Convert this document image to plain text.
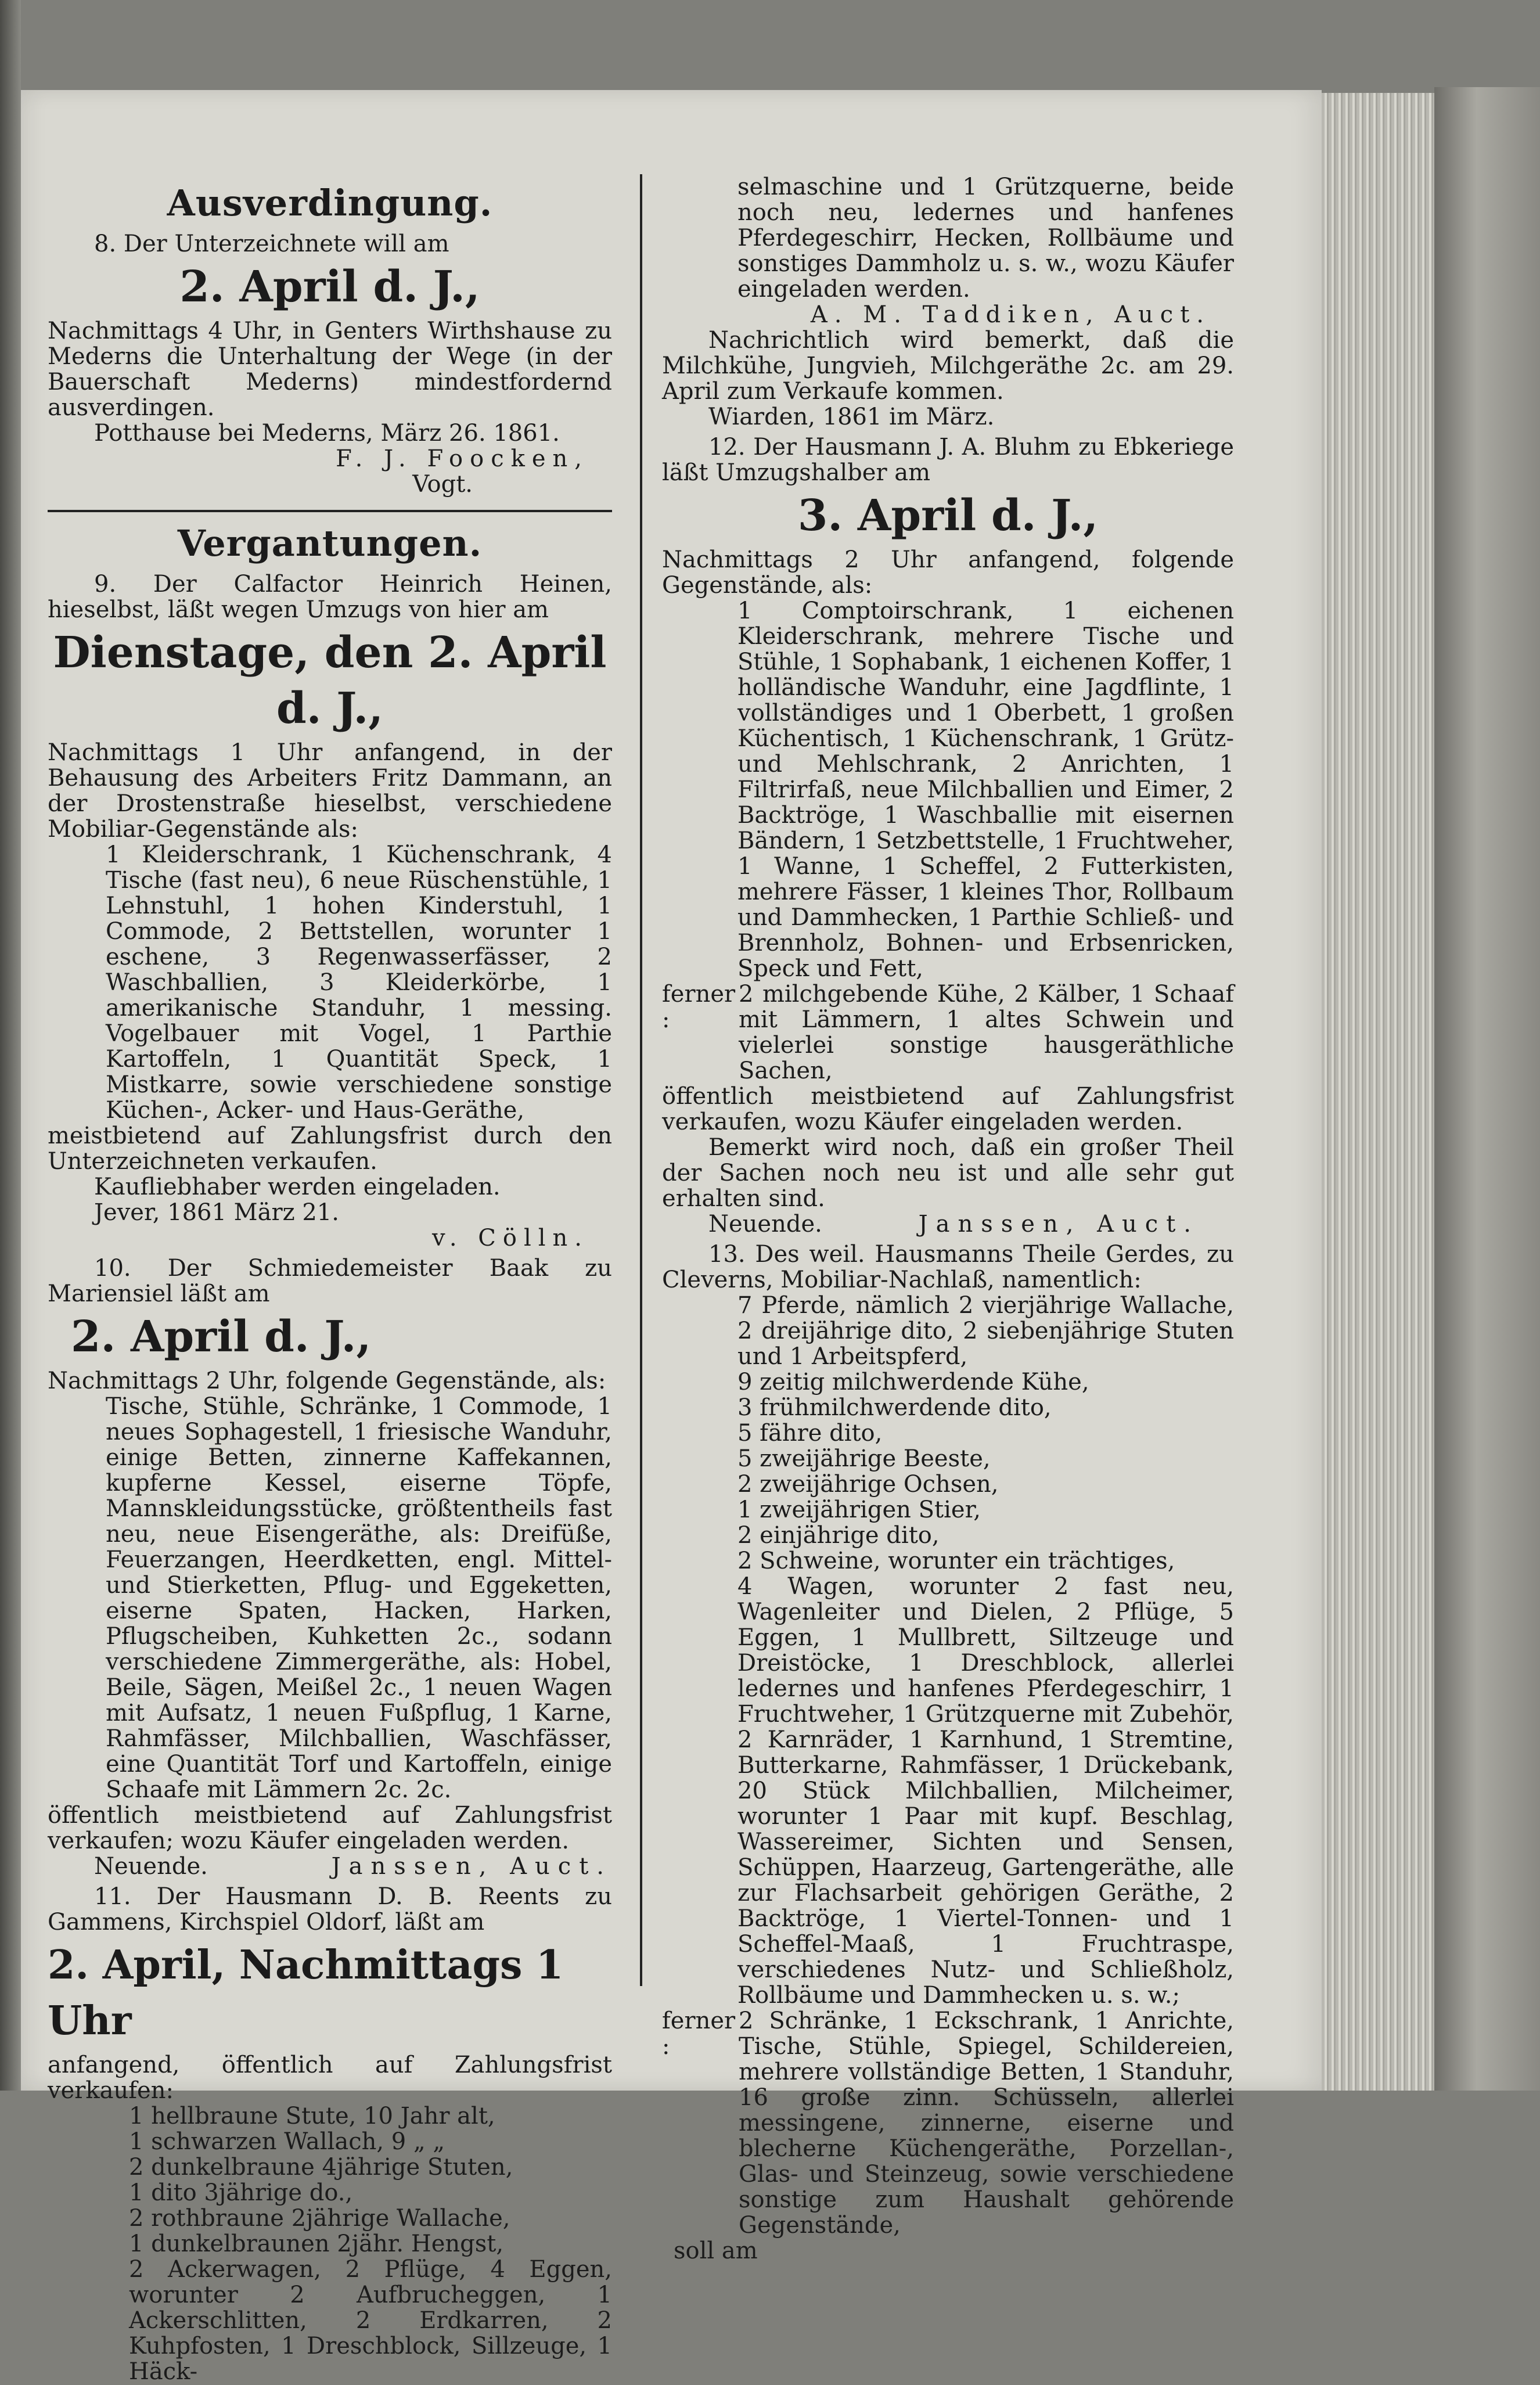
Ausverdingung.

8. Der Unterzeichnete will am

2. April d. J.,

Nachmittags 4 Uhr, in Genters Wirthshause zu Mederns die Unterhaltung der Wege (in der Bauerschaft Mederns) mindestfordernd ausverdingen.

Potthause bei Mederns, März 26. 1861.

F. J. Foocken,

Vogt.

Vergantungen.

9. Der Calfactor Heinrich Heinen, hieselbst, läßt wegen Umzugs von hier am

Dienstage, den 2. April d. J.,

Nachmittags 1 Uhr anfangend, in der Behausung des Arbeiters Fritz Dammann, an der Drostenstraße hieselbst, verschiedene Mobiliar-Gegenstände als:

1 Kleiderschrank, 1 Küchenschrank, 4 Tische (fast neu), 6 neue Rüschenstühle, 1 Lehnstuhl, 1 hohen Kinderstuhl, 1 Commode, 2 Bettstellen, worunter 1 eschene, 3 Regenwasserfässer, 2 Waschballien, 3 Kleiderkörbe, 1 amerikanische Standuhr, 1 messing. Vogelbauer mit Vogel, 1 Parthie Kartoffeln, 1 Quantität Speck, 1 Mistkarre, sowie verschiedene sonstige Küchen-, Acker- und Haus-Geräthe,

meistbietend auf Zahlungsfrist durch den Unterzeichneten verkaufen.

Kaufliebhaber werden eingeladen.

Jever, 1861 März 21.

v. Cölln.

10. Der Schmiedemeister Baak zu Mariensiel läßt am

2. April d. J.,

Nachmittags 2 Uhr, folgende Gegenstände, als:

Tische, Stühle, Schränke, 1 Commode, 1 neues Sophagestell, 1 friesische Wanduhr, einige Betten, zinnerne Kaffekannen, kupferne Kessel, eiserne Töpfe, Mannskleidungsstücke, größtentheils fast neu, neue Eisengeräthe, als: Dreifüße, Feuerzangen, Heerdketten, engl. Mittel- und Stierketten, Pflug- und Eggeketten, eiserne Spaten, Hacken, Harken, Pflugscheiben, Kuhketten 2c., sodann verschiedene Zimmergeräthe, als: Hobel, Beile, Sägen, Meißel 2c., 1 neuen Wagen mit Aufsatz, 1 neuen Fußpflug, 1 Karne, Rahmfässer, Milchballien, Waschfässer, eine Quantität Torf und Kartoffeln, einige Schaafe mit Lämmern 2c. 2c.

öffentlich meistbietend auf Zahlungsfrist verkaufen; wozu Käufer eingeladen werden.

Neuende.	Janssen, Auct.

11. Der Hausmann D. B. Reents zu Gammens, Kirchspiel Oldorf, läßt am

2. April, Nachmittags 1 Uhr

anfangend, öffentlich auf Zahlungsfrist verkaufen:

1 hellbraune Stute, 10 Jahr alt,
1 schwarzen Wallach, 9 „ „
2 dunkelbraune 4jährige Stuten,
1 dito 3jährige do.,
2 rothbraune 2jährige Wallache,
1 dunkelbraunen 2jähr. Hengst,
2 Ackerwagen, 2 Pflüge, 4 Eggen, worunter 2 Aufbrucheggen, 1 Ackerschlitten, 2 Erdkarren, 2 Kuhpfosten, 1 Dreschblock, Sillzeuge, 1 Häck-

selmaschine und 1 Grützquerne, beide noch neu, ledernes und hanfenes Pferdegeschirr, Hecken, Rollbäume und sonstiges Dammholz u. s. w., wozu Käufer eingeladen werden.

A. M. Taddiken, Auct.

Nachrichtlich wird bemerkt, daß die Milchkühe, Jungvieh, Milchgeräthe 2c. am 29. April zum Verkaufe kommen.

Wiarden, 1861 im März.

12. Der Hausmann J. A. Bluhm zu Ebkeriege läßt Umzugshalber am

3. April d. J.,

Nachmittags 2 Uhr anfangend, folgende Gegenstände, als:

1 Comptoirschrank, 1 eichenen Kleiderschrank, mehrere Tische und Stühle, 1 Sophabank, 1 eichenen Koffer, 1 holländische Wanduhr, eine Jagdflinte, 1 vollständiges und 1 Oberbett, 1 großen Küchentisch, 1 Küchenschrank, 1 Grütz- und Mehlschrank, 2 Anrichten, 1 Filtrirfaß, neue Milchballien und Eimer, 2 Backtröge, 1 Waschballie mit eisernen Bändern, 1 Setzbettstelle, 1 Fruchtweher, 1 Wanne, 1 Scheffel, 2 Futterkisten, mehrere Fässer, 1 kleines Thor, Rollbaum und Dammhecken, 1 Parthie Schließ- und Brennholz, Bohnen- und Erbsenricken, Speck und Fett,

ferner :
2 milchgebende Kühe, 2 Kälber, 1 Schaaf mit Lämmern, 1 altes Schwein und vielerlei sonstige hausgeräthliche Sachen,

öffentlich meistbietend auf Zahlungsfrist verkaufen, wozu Käufer eingeladen werden.

Bemerkt wird noch, daß ein großer Theil der Sachen noch neu ist und alle sehr gut erhalten sind.

Neuende.	Janssen, Auct.

13. Des weil. Hausmanns Theile Gerdes, zu Cleverns, Mobiliar-Nachlaß, namentlich:

7 Pferde, nämlich 2 vierjährige Wallache, 2 dreijährige dito, 2 siebenjährige Stuten und 1 Arbeitspferd,
9 zeitig milchwerdende Kühe,
3 frühmilchwerdende dito,
5 fähre dito,
5 zweijährige Beeste,
2 zweijährige Ochsen,
1 zweijährigen Stier,
2 einjährige dito,
2 Schweine, worunter ein trächtiges,
4 Wagen, worunter 2 fast neu, Wagenleiter und Dielen, 2 Pflüge, 5 Eggen, 1 Mullbrett, Siltzeuge und Dreistöcke, 1 Dreschblock, allerlei ledernes und hanfenes Pferdegeschirr, 1 Fruchtweher, 1 Grützquerne mit Zubehör, 2 Karnräder, 1 Karnhund, 1 Stremtine, Butterkarne, Rahmfässer, 1 Drückebank, 20 Stück Milchballien, Milcheimer, worunter 1 Paar mit kupf. Beschlag, Wassereimer, Sichten und Sensen, Schüppen, Haarzeug, Gartengeräthe, alle zur Flachsarbeit gehörigen Geräthe, 2 Backtröge, 1 Viertel-Tonnen- und 1 Scheffel-Maaß, 1 Fruchtraspe, verschiedenes Nutz- und Schließholz, Rollbäume und Dammhecken u. s. w.;
ferner :
2 Schränke, 1 Eckschrank, 1 Anrichte, Tische, Stühle, Spiegel, Schildereien, mehrere vollständige Betten, 1 Standuhr, 16 große zinn. Schüsseln, allerlei messingene, zinnerne, eiserne und blecherne Küchengeräthe, Porzellan-, Glas- und Steinzeug, sowie verschiedene sonstige zum Haushalt gehörende Gegenstände,

soll am
